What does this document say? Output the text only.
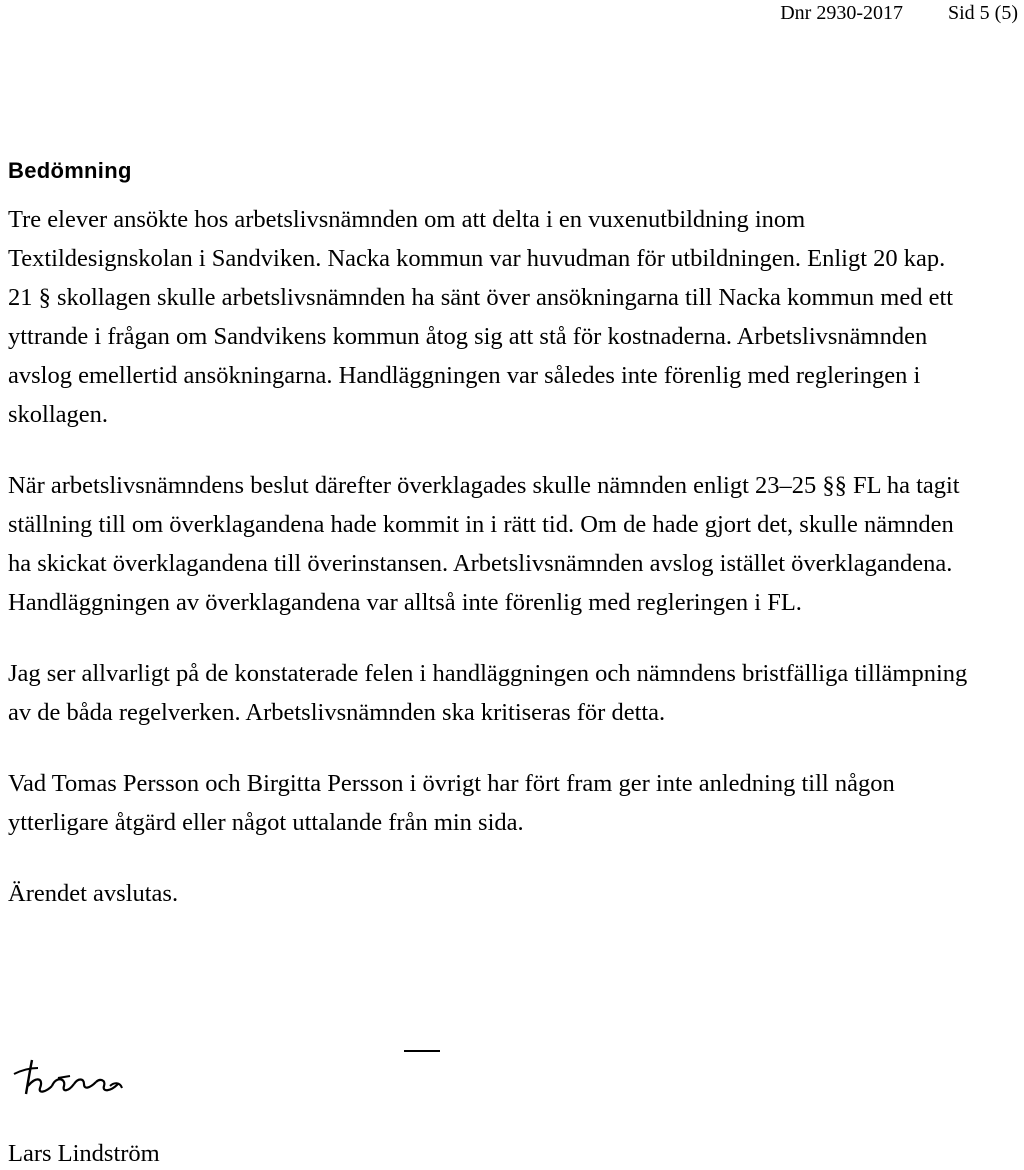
Dnr 2930-2017 Sid 5 (5)
Bedömning

Tre elever ansökte hos arbetslivsnämnden om att delta i en vuxenutbildning inom Textildesignskolan i Sandviken. Nacka kommun var huvudman för utbildningen. Enligt 20 kap. 21 § skollagen skulle arbetslivsnämnden ha sänt över ansökningarna till Nacka kommun med ett yttrande i frågan om Sandvikens kommun åtog sig att stå för kostnaderna. Arbetslivsnämnden avslog emellertid ansökningarna. Handläggningen var således inte förenlig med regleringen i skollagen.

När arbetslivsnämndens beslut därefter överklagades skulle nämnden enligt 23–25 §§ FL ha tagit ställning till om överklagandena hade kommit in i rätt tid. Om de hade gjort det, skulle nämnden ha skickat överklagandena till överinstansen. Arbetslivsnämnden avslog istället överklagandena. Handläggningen av överklagandena var alltså inte förenlig med regleringen i FL.

Jag ser allvarligt på de konstaterade felen i handläggningen och nämndens bristfälliga tillämpning av de båda regelverken. Arbetslivsnämnden ska kritiseras för detta.

Vad Tomas Persson och Birgitta Persson i övrigt har fört fram ger inte anledning till någon ytterligare åtgärd eller något uttalande från min sida.

Ärendet avslutas.

Lars Lindström
